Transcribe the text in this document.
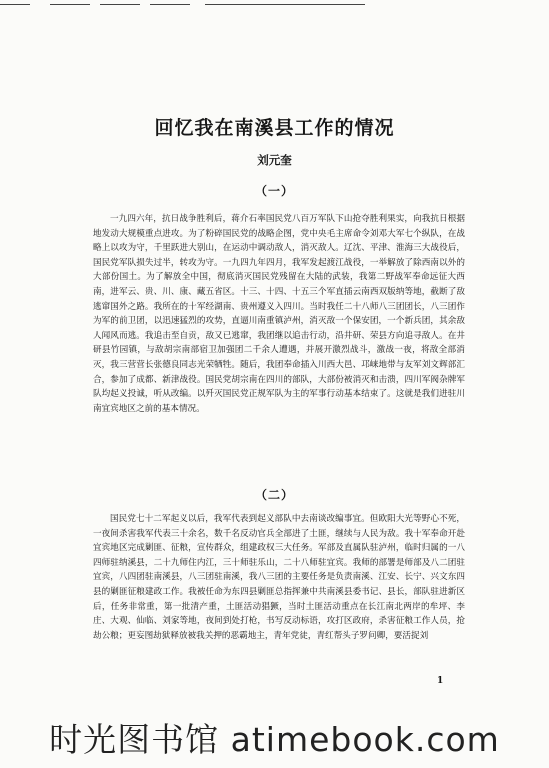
回忆我在南溪县工作的情况
刘元奎
（一）

一九四六年，抗日战争胜利后，蒋介石率国民党八百万军队下山抢夺胜利果实，向我抗日根据地发动大规模重点进攻。为了粉碎国民党的战略企图，党中央毛主席命令刘邓大军七个纵队，在战略上以攻为守，千里跃进大别山，在运动中调动敌人，消灭敌人。辽沈、平津、淮海三大战役后，国民党军队损失过半，转攻为守。一九四九年四月，我军发起渡江战役，一举解放了除西南以外的大部份国土。为了解放全中国，彻底消灭国民党残留在大陆的武装，我第二野战军奉命远征大西南，进军云、贵、川、康、藏五省区。十三、十四、十五三个军直插云南西双版纳等地，截断了敌逃窜国外之路。我所在的十军经湖南、贵州遵义入四川。当时我任二十八师八三团团长，八三团作为军的前卫团，以迅速猛烈的攻势，直逼川南重镇泸州，消灭敌一个保安团，一个新兵团，其余敌人闻风而逃。我追击至自贡，敌又已逃窜，我团继以追击行动，沿井研、荣县方向追寻敌人。在井研县竹园镇，与敌胡宗南部宿卫加强团二千余人遭遇，并展开激烈战斗，激战一夜，将敌全部消灭，我三营营长张德良同志光荣牺牲。随后，我团奉命插入川西大邑、邛崃地带与友军刘文辉部汇合，参加了成都、新津战役。国民党胡宗南在四川的部队，大部份被消灭和击溃，四川军阀杂牌军队均起义投诚，听从改编。以歼灭国民党正规军队为主的军事行动基本结束了。这就是我们进驻川南宜宾地区之前的基本情况。

（二）

国民党七十二军起义以后，我军代表到起义部队中去南谈改编事宜。但欧阳大光等野心不死，一夜间杀害我军代表三十余名，数千名反动官兵全部进了土匪，继续与人民为敌。我十军奉命开赴宜宾地区完成剿匪、征粮，宣传群众，组建政权三大任务。军部及直属队驻泸州，临时归属的一八四师驻纳溪县，二十九师住内江，三十师驻乐山，二十八师驻宜宾。我师的部署是师部及八二团驻宜宾，八四团驻南溪县，八三团驻南溪，我八三团的主要任务是负责南溪、江安、长宁、兴文东四县的剿匪征粮建政工作。我被任命为东四县剿匪总指挥兼中共南溪县委书记、县长，部队驻进新区后，任务非常重，第一批清产重，土匪活动猖獗，当时土匪活动重点在长江南北两岸的牟坪、李庄、大观、仙临、刘家等地，夜间到处打枪，书写反动标语，攻打区政府，杀害征粮工作人员，抢劫公粮；更妄图劫狱释放被我关押的恶霸地主，青年党徒，青红帮头子罗问卿，要活捉刘

1
时光图书馆 atimebook.com
